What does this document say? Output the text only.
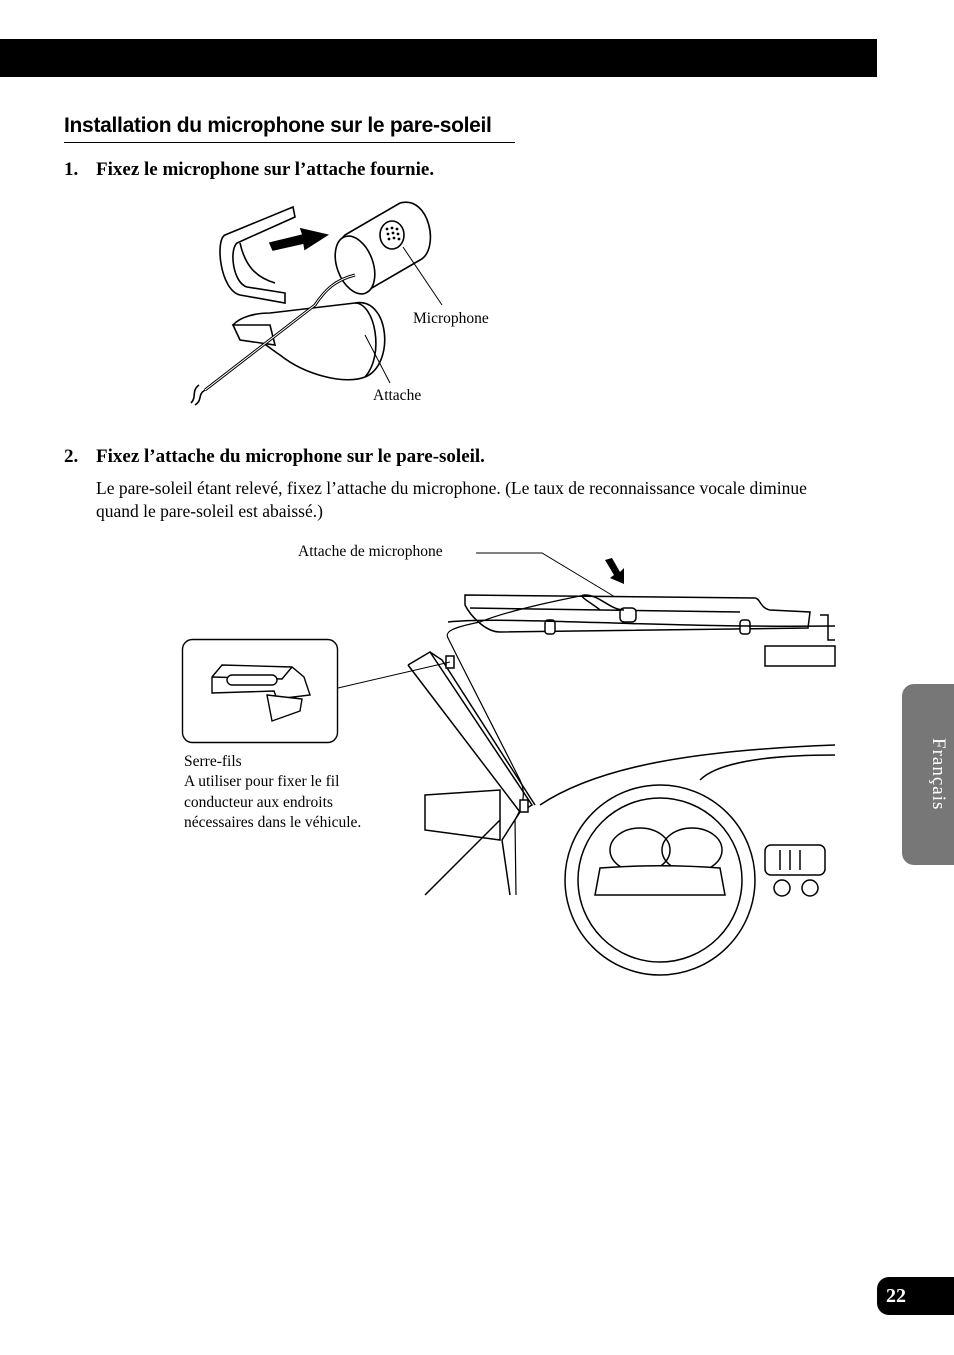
Installation du microphone sur le pare-soleil
1. Fixez le microphone sur l’attache fournie.
Microphone
Attache
2. Fixez l’attache du microphone sur le pare-soleil.
Le pare-soleil étant relevé, fixez l’attache du microphone. (Le taux de reconnaissance vocale diminue quand le pare-soleil est abaissé.)
Attache de microphone
Serre-fils
A utiliser pour fixer le fil conducteur aux endroits nécessaires dans le véhicule.
Français
22
